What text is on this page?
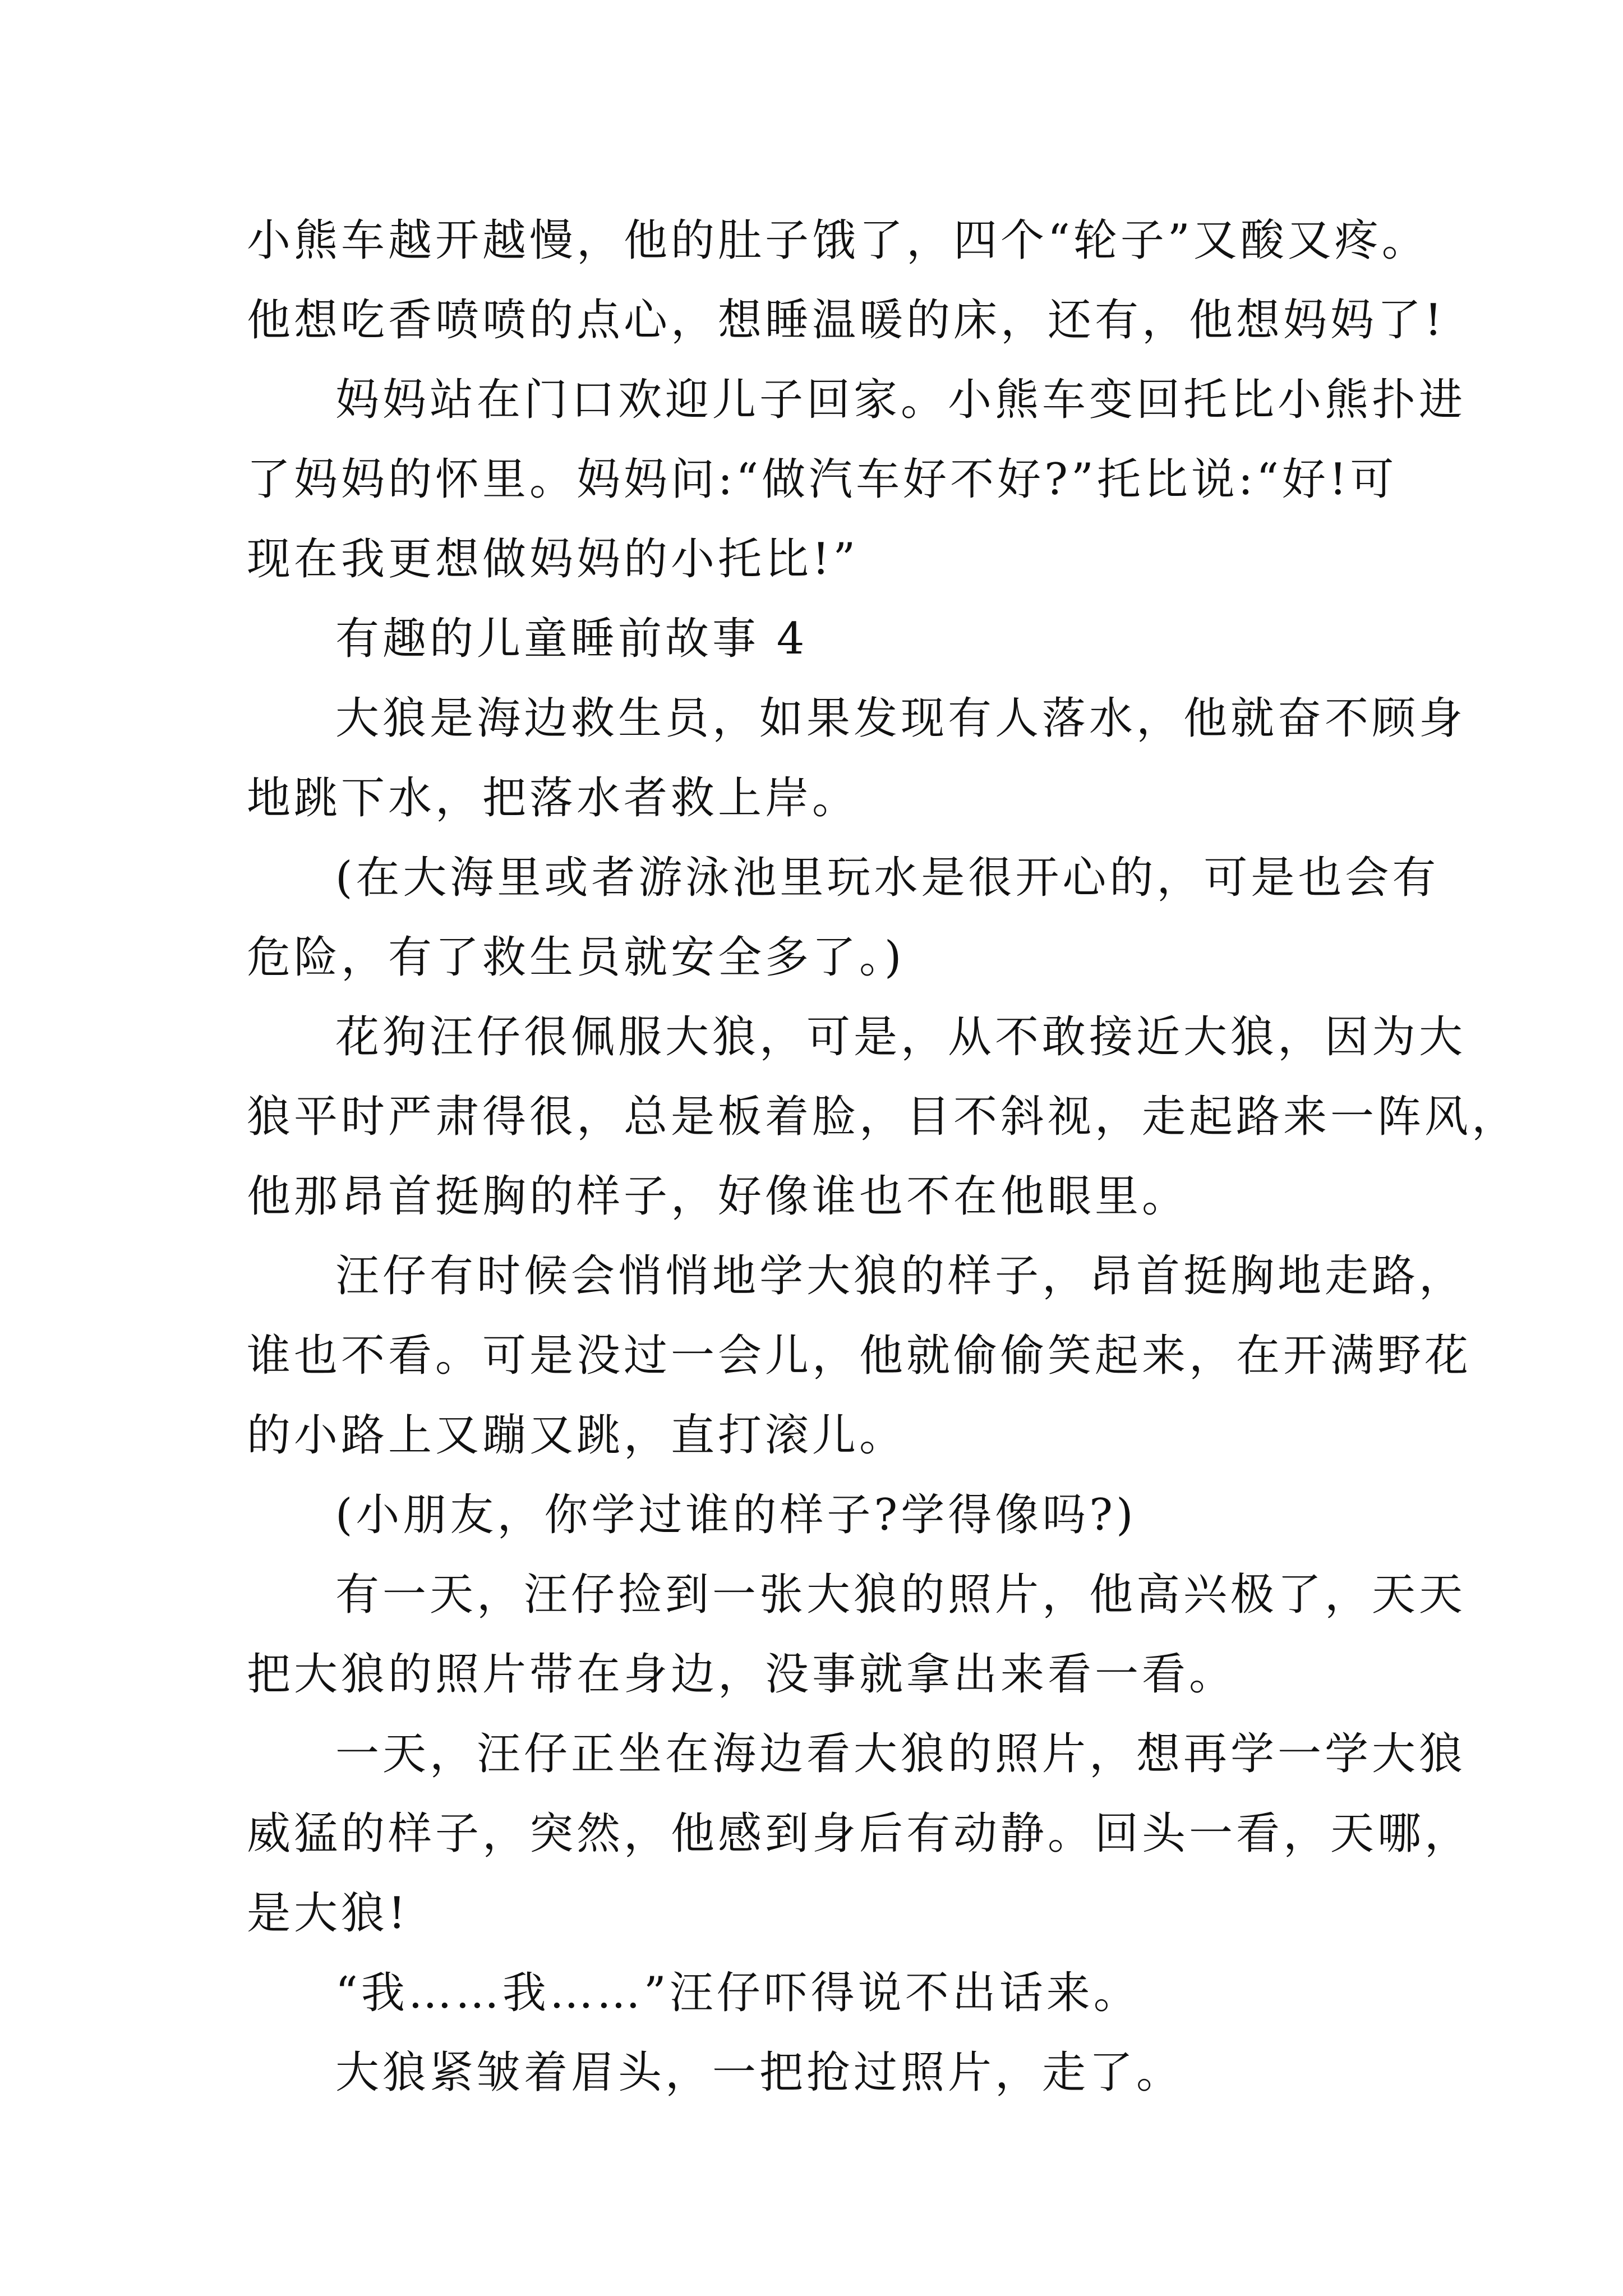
小熊车越开越慢，他的肚子饿了，四个“轮子”又酸又疼。
他想吃香喷喷的点心，想睡温暖的床，还有，他想妈妈了!
妈妈站在门口欢迎儿子回家。小熊车变回托比小熊扑进
了妈妈的怀里。妈妈问:“做汽车好不好?”托比说:“好!可
现在我更想做妈妈的小托比!”
有趣的儿童睡前故事 4
大狼是海边救生员，如果发现有人落水，他就奋不顾身
地跳下水，把落水者救上岸。
(在大海里或者游泳池里玩水是很开心的，可是也会有
危险，有了救生员就安全多了。)
花狗汪仔很佩服大狼，可是，从不敢接近大狼，因为大
狼平时严肃得很，总是板着脸，目不斜视，走起路来一阵风，
他那昂首挺胸的样子，好像谁也不在他眼里。
汪仔有时候会悄悄地学大狼的样子，昂首挺胸地走路，
谁也不看。可是没过一会儿，他就偷偷笑起来，在开满野花
的小路上又蹦又跳，直打滚儿。
(小朋友，你学过谁的样子?学得像吗?)
有一天，汪仔捡到一张大狼的照片，他高兴极了，天天
把大狼的照片带在身边，没事就拿出来看一看。
一天，汪仔正坐在海边看大狼的照片，想再学一学大狼
威猛的样子，突然，他感到身后有动静。回头一看，天哪，
是大狼!
“我……我……”汪仔吓得说不出话来。
大狼紧皱着眉头，一把抢过照片，走了。
